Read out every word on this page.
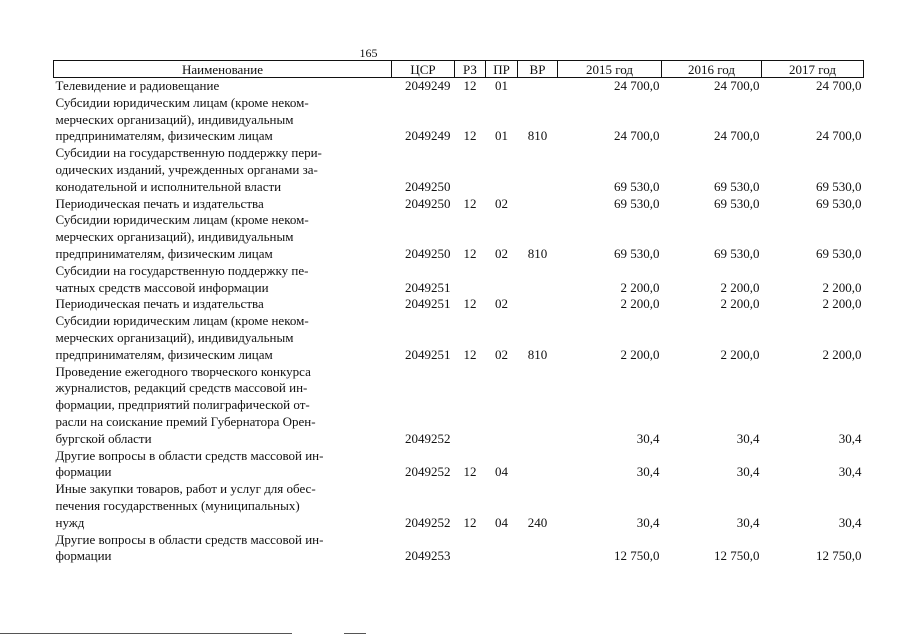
165
Наименование	ЦСР	РЗ	ПР	ВР	2015 год	2016 год	2017 год

Телевидение и радиовещание	2049249	12	01		24 700,0	24 700,0	24 700,0

Субсидии юридическим лицам (кроме неком-
мерческих организаций), индивидуальным
предпринимателям, физическим лицам	2049249	12	01	810	24 700,0	24 700,0	24 700,0

Субсидии на государственную поддержку пери-
одических изданий, учрежденных органами за-
конодательной и исполнительной власти	2049250				69 530,0	69 530,0	69 530,0

Периодическая печать и издательства	2049250	12	02		69 530,0	69 530,0	69 530,0

Субсидии юридическим лицам (кроме неком-
мерческих организаций), индивидуальным
предпринимателям, физическим лицам	2049250	12	02	810	69 530,0	69 530,0	69 530,0

Субсидии на государственную поддержку пе-
чатных средств массовой информации	2049251				2 200,0	2 200,0	2 200,0

Периодическая печать и издательства	2049251	12	02		2 200,0	2 200,0	2 200,0

Субсидии юридическим лицам (кроме неком-
мерческих организаций), индивидуальным
предпринимателям, физическим лицам	2049251	12	02	810	2 200,0	2 200,0	2 200,0

Проведение ежегодного творческого конкурса
журналистов, редакций средств массовой ин-
формации, предприятий полиграфической от-
расли на соискание премий Губернатора Орен-
бургской области	2049252				30,4	30,4	30,4

Другие вопросы в области средств массовой ин-
формации	2049252	12	04		30,4	30,4	30,4

Иные закупки товаров, работ и услуг для обес-
печения государственных (муниципальных)
нужд	2049252	12	04	240	30,4	30,4	30,4

Другие вопросы в области средств массовой ин-
формации	2049253				12 750,0	12 750,0	12 750,0
